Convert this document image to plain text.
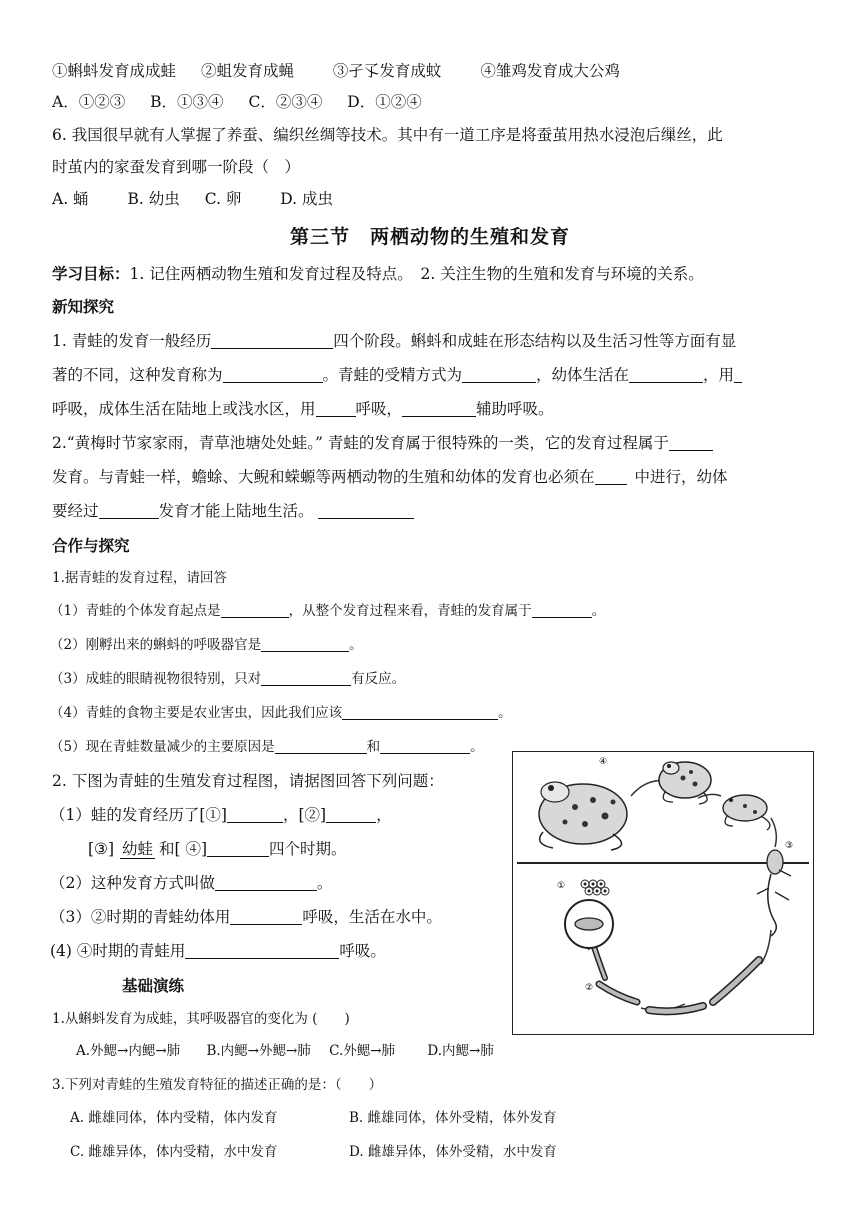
①蝌蚪发育成成蛙 ②蛆发育成蝇	③孑孓发育成蚊	④雏鸡发育成大公鸡
A．①②③ B．①③④ C．②③④ D．①②④
6. 我国很早就有人掌握了养蚕、编织丝绸等技术。其中有一道工序是将蚕茧用热水浸泡后缫丝，此
时茧内的家蚕发育到哪一阶段（　）
A. 蛹	B. 幼虫 C. 卵	D. 成虫
第三节　两栖动物的生殖和发育
学习目标：1. 记住两栖动物生殖和发育过程及特点。　2. 关注生物的生殖和发育与环境的关系。
新知探究
1. 青蛙的发育一般经历	四个阶段。蝌蚪和成蛙在形态结构以及生活习性等方面有显
著的不同，这种发育称为	。青蛙的受精方式为	，幼体生活在	，用
呼吸，成体生活在陆地上或浅水区，用	呼吸，	辅助呼吸。
2.“黄梅时节家家雨，青草池塘处处蛙。” 青蛙的发育属于很特殊的一类，它的发育过程属于
发育。与青蛙一样，蟾蜍、大鲵和蝾螈等两栖动物的生殖和幼体的发育也必须在	中进行，幼体
要经过	发育才能上陆地生活。
合作与探究
1.据青蛙的发育过程，请回答
（1）青蛙的个体发育起点是	，从整个发育过程来看，青蛙的发育属于	。
（2）刚孵出来的蝌蚪的呼吸器官是	。
（3）成蛙的眼睛视物很特别，只对	有反应。
（4）青蛙的食物主要是农业害虫，因此我们应该	。
（5）现在青蛙数量减少的主要原因是	和	。
2. 下图为青蛙的生殖发育过程图，请据图回答下列问题：
（1）蛙的发育经历了[①]	，[②]	，
[③] 幼蛙 和[ ④]	四个时期。
（2）这种发育方式叫做	。
（3）②时期的青蛙幼体用	呼吸，生活在水中。
(4) ④时期的青蛙用	呼吸。
基础演练
1.从蝌蚪发育为成蛙，其呼吸器官的变化为 (　　)
A.外鳃→内鳃→肺 B.内鳃→外鳃→肺 C.外鳃→肺 D.内鳃→肺
3.下列对青蛙的生殖发育特征的描述正确的是：（　　）
A. 雌雄同体，体内受精，体内发育	B. 雌雄同体，体外受精，体外发育
C. 雌雄异体，体内受精，水中发育	D. 雌雄异体，体外受精，水中发育
④
①
②
③
